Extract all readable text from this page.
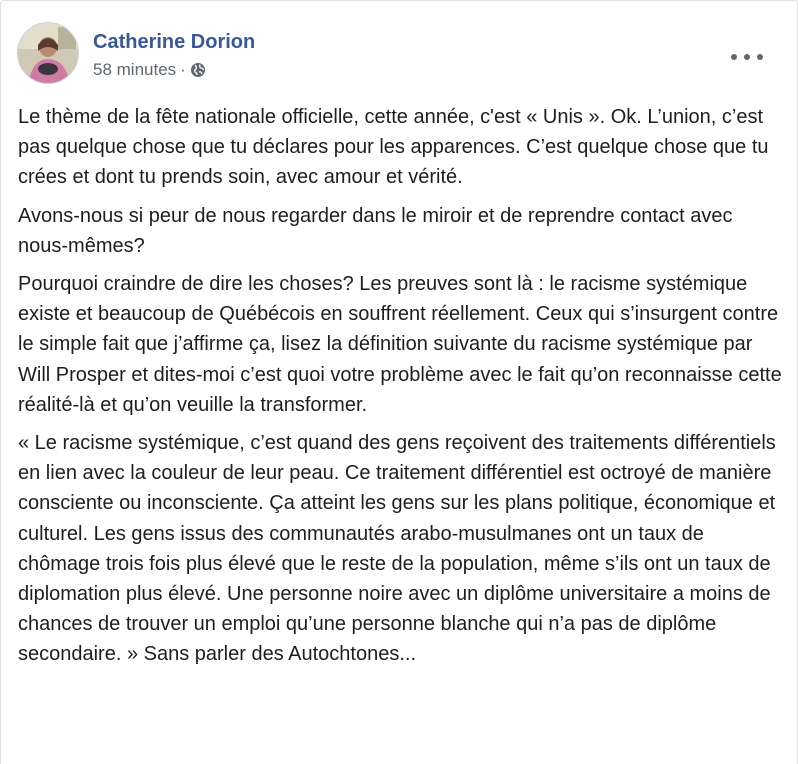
Catherine Dorion
58 minutes ·

Le thème de la fête nationale officielle, cette année, c'est « Unis ». Ok. L’union, c’est pas quelque chose que tu déclares pour les apparences. C’est quelque chose que tu crées et dont tu prends soin, avec amour et vérité.

Avons-nous si peur de nous regarder dans le miroir et de reprendre contact avec nous-mêmes?

Pourquoi craindre de dire les choses? Les preuves sont là : le racisme systémique existe et beaucoup de Québécois en souffrent réellement. Ceux qui s’insurgent contre le simple fait que j’affirme ça, lisez la définition suivante du racisme systémique par Will Prosper et dites-moi c’est quoi votre problème avec le fait qu’on reconnaisse cette réalité-là et qu’on veuille la transformer.

« Le racisme systémique, c’est quand des gens reçoivent des traitements différentiels en lien avec la couleur de leur peau. Ce traitement différentiel est octroyé de manière consciente ou inconsciente. Ça atteint les gens sur les plans politique, économique et culturel. Les gens issus des communautés arabo-musulmanes ont un taux de chômage trois fois plus élevé que le reste de la population, même s’ils ont un taux de diplomation plus élevé. Une personne noire avec un diplôme universitaire a moins de chances de trouver un emploi qu’une personne blanche qui n’a pas de diplôme secondaire. » Sans parler des Autochtones...
